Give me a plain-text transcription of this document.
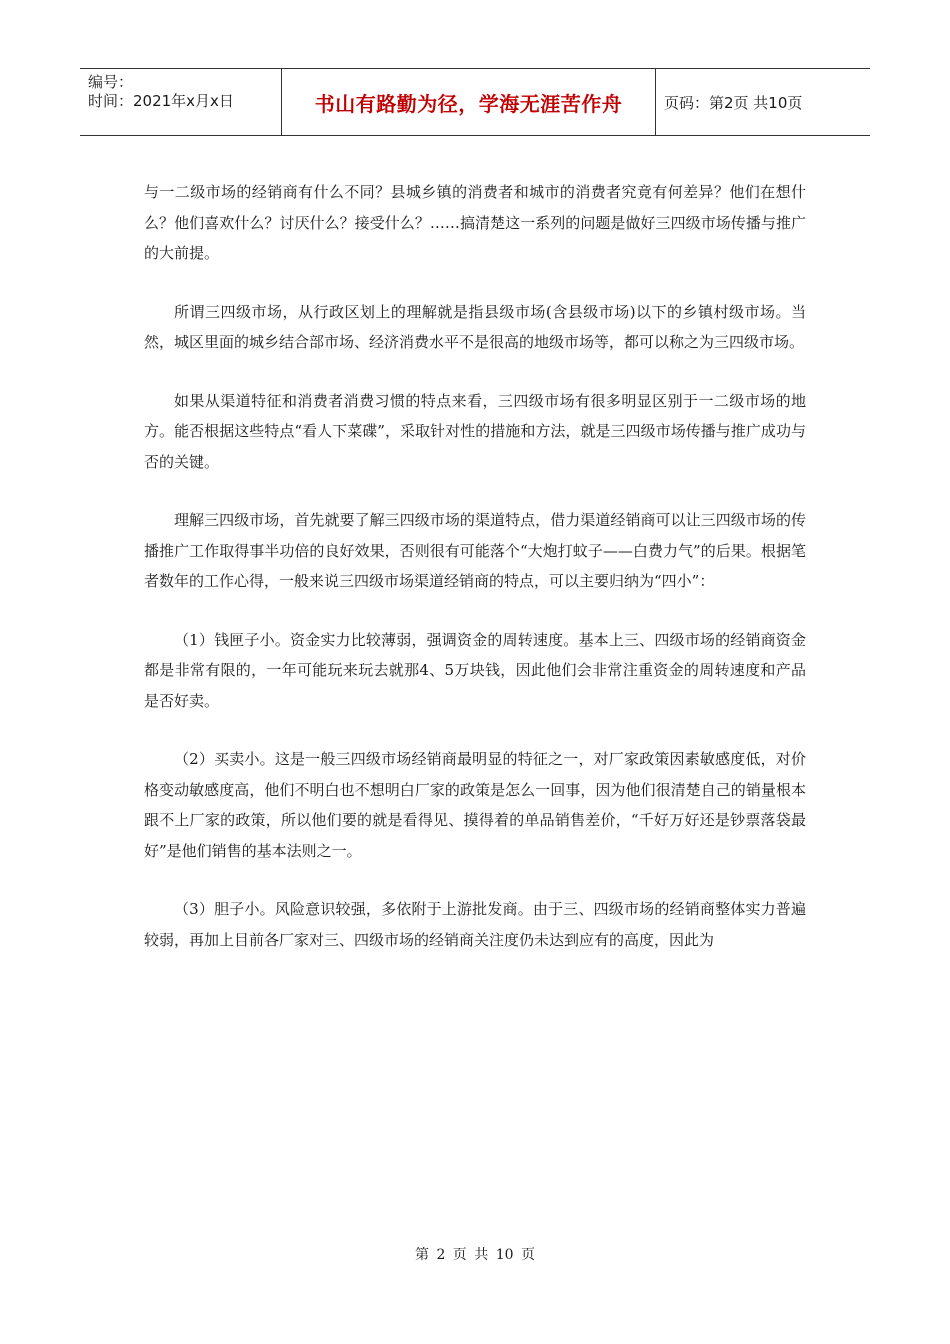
编号：
时间：2021年x月x日	书山有路勤为径，学海无涯苦作舟	页码：第2页 共10页

与一二级市场的经销商有什么不同？县城乡镇的消费者和城市的消费者究竟有何差异？他们在想什么？他们喜欢什么？讨厌什么？接受什么？……搞清楚这一系列的问题是做好三四级市场传播与推广的大前提。

所谓三四级市场，从行政区划上的理解就是指县级市场(含县级市场)以下的乡镇村级市场。当然，城区里面的城乡结合部市场、经济消费水平不是很高的地级市场等，都可以称之为三四级市场。

如果从渠道特征和消费者消费习惯的特点来看，三四级市场有很多明显区别于一二级市场的地方。能否根据这些特点“看人下菜碟”，采取针对性的措施和方法，就是三四级市场传播与推广成功与否的关键。

理解三四级市场，首先就要了解三四级市场的渠道特点，借力渠道经销商可以让三四级市场的传播推广工作取得事半功倍的良好效果，否则很有可能落个“大炮打蚊子——白费力气”的后果。根据笔者数年的工作心得，一般来说三四级市场渠道经销商的特点，可以主要归纳为“四小”：

（1）钱匣子小。资金实力比较薄弱，强调资金的周转速度。基本上三、四级市场的经销商资金都是非常有限的，一年可能玩来玩去就那4、5万块钱，因此他们会非常注重资金的周转速度和产品是否好卖。

（2）买卖小。这是一般三四级市场经销商最明显的特征之一，对厂家政策因素敏感度低，对价格变动敏感度高，他们不明白也不想明白厂家的政策是怎么一回事，因为他们很清楚自己的销量根本跟不上厂家的政策，所以他们要的就是看得见、摸得着的单品销售差价，“千好万好还是钞票落袋最好”是他们销售的基本法则之一。

（3）胆子小。风险意识较强，多依附于上游批发商。由于三、四级市场的经销商整体实力普遍较弱，再加上目前各厂家对三、四级市场的经销商关注度仍未达到应有的高度，因此为

第 2 页 共 10 页
